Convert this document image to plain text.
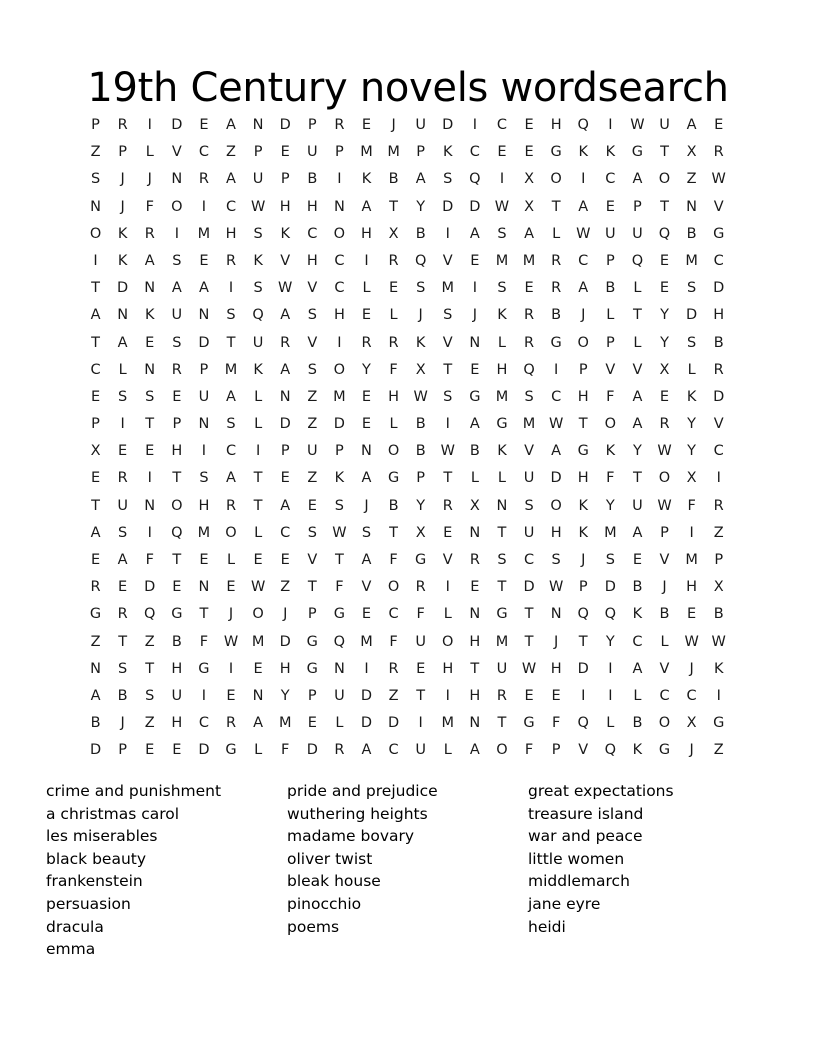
19th Century novels wordsearch
P	R	I	D	E	A	N	D	P	R	E	J	U	D	I	C	E	H	Q	I	W	U	A	E
Z	P	L	V	C	Z	P	E	U	P	M	M	P	K	C	E	E	G	K	K	G	T	X	R
S	J	J	N	R	A	U	P	B	I	K	B	A	S	Q	I	X	O	I	C	A	O	Z	W
N	J	F	O	I	C	W H	H	N	A	T	Y	D	D W	X	T	A	E	P	T	N	V
O	K	R	I	M	H	S	K	C	O	H	X	B	I	A	S	A	L	W	U	U	Q	B	G
I	K	A	S	E	R	K	V	H	C	I	R	Q	V	E	M	M	R	C	P	Q	E	M	C
T	D	N	A	A	I	S	W	V	C	L	E	S	M	I	S	E	R	A	B	L	E	S	D
A	N	K	U	N	S	Q	A	S	H	E	L	J	S	J	K	R	B	J	L	T	Y	D	H
T	A	E	S	D	T	U	R	V	I	R	R	K	V	N	L	R	G	O	P	L	Y	S	B
C	L	N	R	P	M	K	A	S	O	Y	F	X	T	E	H	Q	I	P	V	V	X	L	R
E	S	S	E	U	A	L	N	Z	M	E	H W	S	G	M	S	C	H	F	A	E	K	D
P	I	T	P	N	S	L	D	Z	D	E	L	B	I	A	G	M W	T	O	A	R	Y	V
X	E	E	H	I	C	I	P	U	P	N	O	B	W	B	K	V	A	G	K	Y	W	Y	C
E	R	I	T	S	A	T	E	Z	K	A	G	P	T	L	L	U	D	H	F	T	O	X	I
T	U	N	O	H	R	T	A	E	S	J	B	Y	R	X	N	S	O	K	Y	U	W	F	R
A	S	I	Q	M	O	L	C	S	W	S	T	X	E	N	T	U	H	K	M	A	P	I	Z
E	A	F	T	E	L	E	E	V	T	A	F	G	V	R	S	C	S	J	S	E	V	M	P
R	E	D	E	N	E	W	Z	T	F	V	O	R	I	E	T	D W	P	D	B	J	H	X
G	R	Q	G	T	J	O	J	P	G	E	C	F	L	N	G	T	N	Q	Q	K	B	E	B
Z	T	Z	B	F	W M	D	G	Q	M	F	U	O	H	M	T	J	T	Y	C	L	W W
N	S	T	H	G	I	E	H	G	N	I	R	E	H	T	U	W H	D	I	A	V	J	K
A	B	S	U	I	E	N	Y	P	U	D	Z	T	I	H	R	E	E	I	I	L	C	C	I
B	J	Z	H	C	R	A	M	E	L	D	D	I	M	N	T	G	F	Q	L	B	O	X	G
D	P	E	E	D	G	L	F	D	R	A	C	U	L	A	O	F	P	V	Q	K	G	J	Z
crime and punishment
a christmas carol
les miserables
black beauty
frankenstein
persuasion
dracula
emma
pride and prejudice
wuthering heights
madame bovary
oliver twist
bleak house
pinocchio
poems
great expectations
treasure island
war and peace
little women
middlemarch
jane eyre
heidi
